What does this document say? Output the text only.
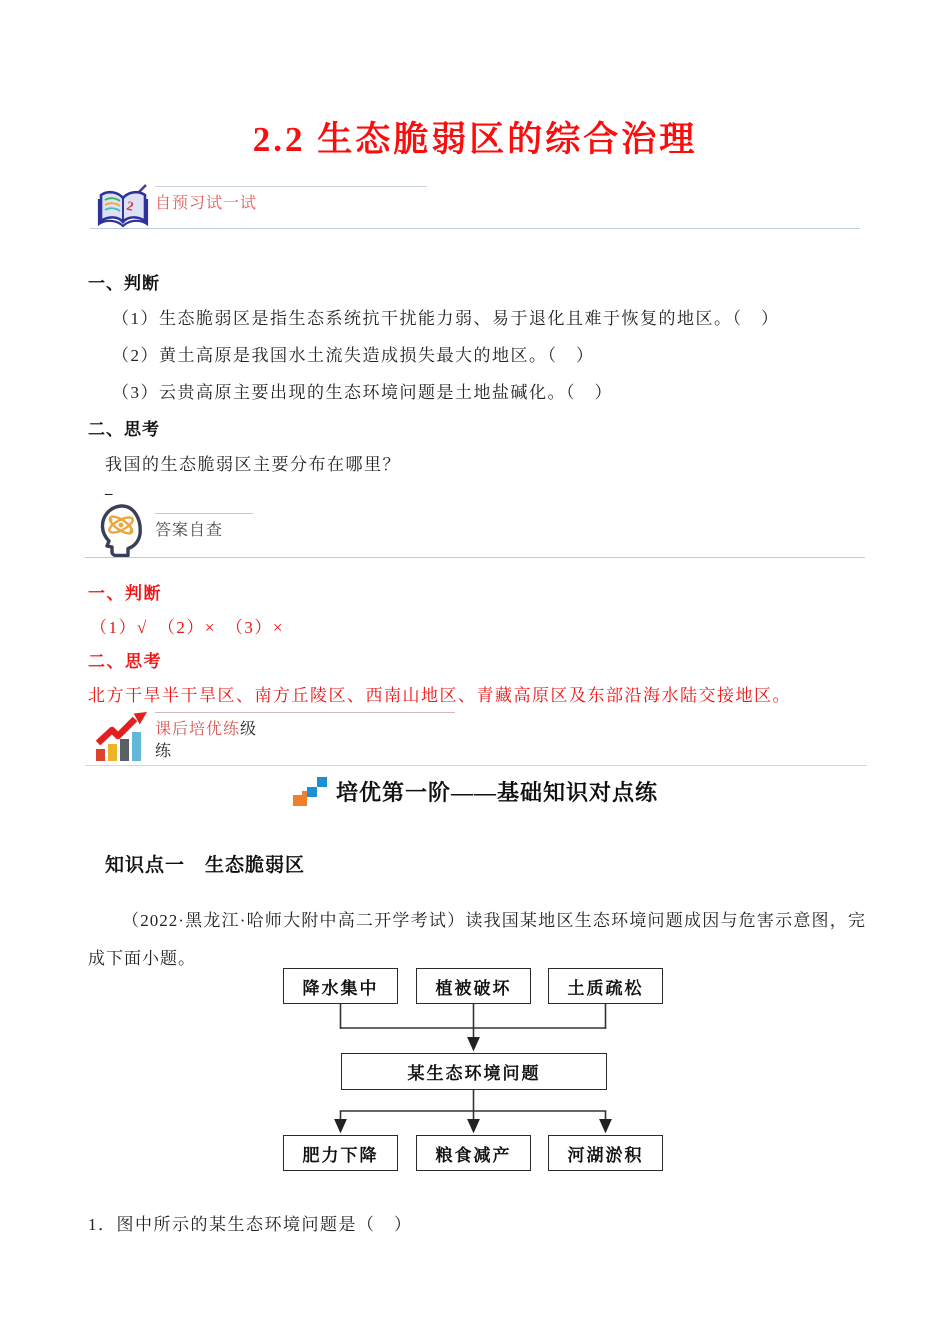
2.2 生态脆弱区的综合治理
2 自预习试一试
一、判断
（1）生态脆弱区是指生态系统抗干扰能力弱、易于退化且难于恢复的地区。（　）
（2）黄土高原是我国水土流失造成损失最大的地区。（　）
（3）云贵高原主要出现的生态环境问题是土地盐碱化。（　）
二、思考
我国的生态脆弱区主要分布在哪里？
–
答案自查
一、判断
（1）√　（2）×　（3）×
二、思考
北方干旱半干旱区、南方丘陵区、西南山地区、青藏高原区及东部沿海水陆交接地区。
课后培优练级
练
培优第一阶——基础知识对点练
知识点一　生态脆弱区

（2022·黑龙江·哈师大附中高二开学考试）读我国某地区生态环境问题成因与危害示意图，完成下面小题。

降水集中	植被破坏	土质疏松
某生态环境问题
肥力下降	粮食减产	河湖淤积
1．图中所示的某生态环境问题是（　）
